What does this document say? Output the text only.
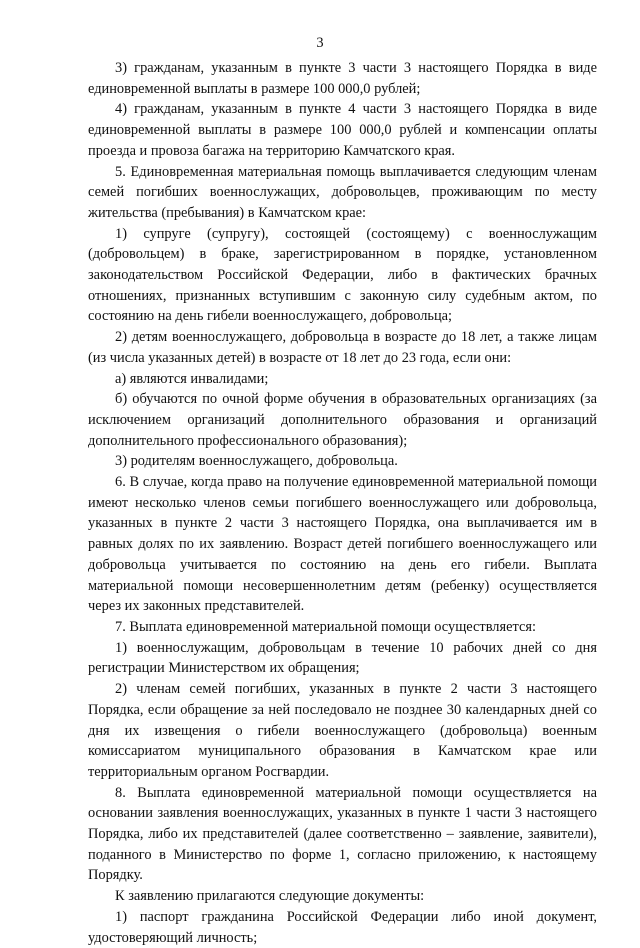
3

3) гражданам, указанным в пункте 3 части 3 настоящего Порядка в виде единовременной выплаты в размере 100 000,0 рублей;

4) гражданам, указанным в пункте 4 части 3 настоящего Порядка в виде единовременной выплаты в размере 100 000,0 рублей и компенсации оплаты проезда и провоза багажа на территорию Камчатского края.

5. Единовременная материальная помощь выплачивается следующим членам семей погибших военнослужащих, добровольцев, проживающим по месту жительства (пребывания) в Камчатском крае:

1) супруге (супругу), состоящей (состоящему) с военнослужащим (добровольцем) в браке, зарегистрированном в порядке, установленном законодательством Российской Федерации, либо в фактических брачных отношениях, признанных вступившим с законную силу судебным актом, по состоянию на день гибели военнослужащего, добровольца;

2) детям военнослужащего, добровольца в возрасте до 18 лет, а также лицам (из числа указанных детей) в возрасте от 18 лет до 23 года, если они:

а) являются инвалидами;

б) обучаются по очной форме обучения в образовательных организациях (за исключением организаций дополнительного образования и организаций дополнительного профессионального образования);

3) родителям военнослужащего, добровольца.

6. В случае, когда право на получение единовременной материальной помощи имеют несколько членов семьи погибшего военнослужащего или добровольца, указанных в пункте 2 части 3 настоящего Порядка, она выплачивается им в равных долях по их заявлению. Возраст детей погибшего военнослужащего или добровольца учитывается по состоянию на день его гибели. Выплата материальной помощи несовершеннолетним детям (ребенку) осуществляется через их законных представителей.

7. Выплата единовременной материальной помощи осуществляется:

1) военнослужащим, добровольцам в течение 10 рабочих дней со дня регистрации Министерством их обращения;

2) членам семей погибших, указанных в пункте 2 части 3 настоящего Порядка, если обращение за ней последовало не позднее 30 календарных дней со дня их извещения о гибели военнослужащего (добровольца) военным комиссариатом муниципального образования в Камчатском крае или территориальным органом Росгвардии.

8. Выплата единовременной материальной помощи осуществляется на основании заявления военнослужащих, указанных в пункте 1 части 3 настоящего Порядка, либо их представителей (далее соответственно – заявление, заявители), поданного в Министерство по форме 1, согласно приложению, к настоящему Порядку.

К заявлению прилагаются следующие документы:

1) паспорт гражданина Российской Федерации либо иной документ, удостоверяющий личность;
